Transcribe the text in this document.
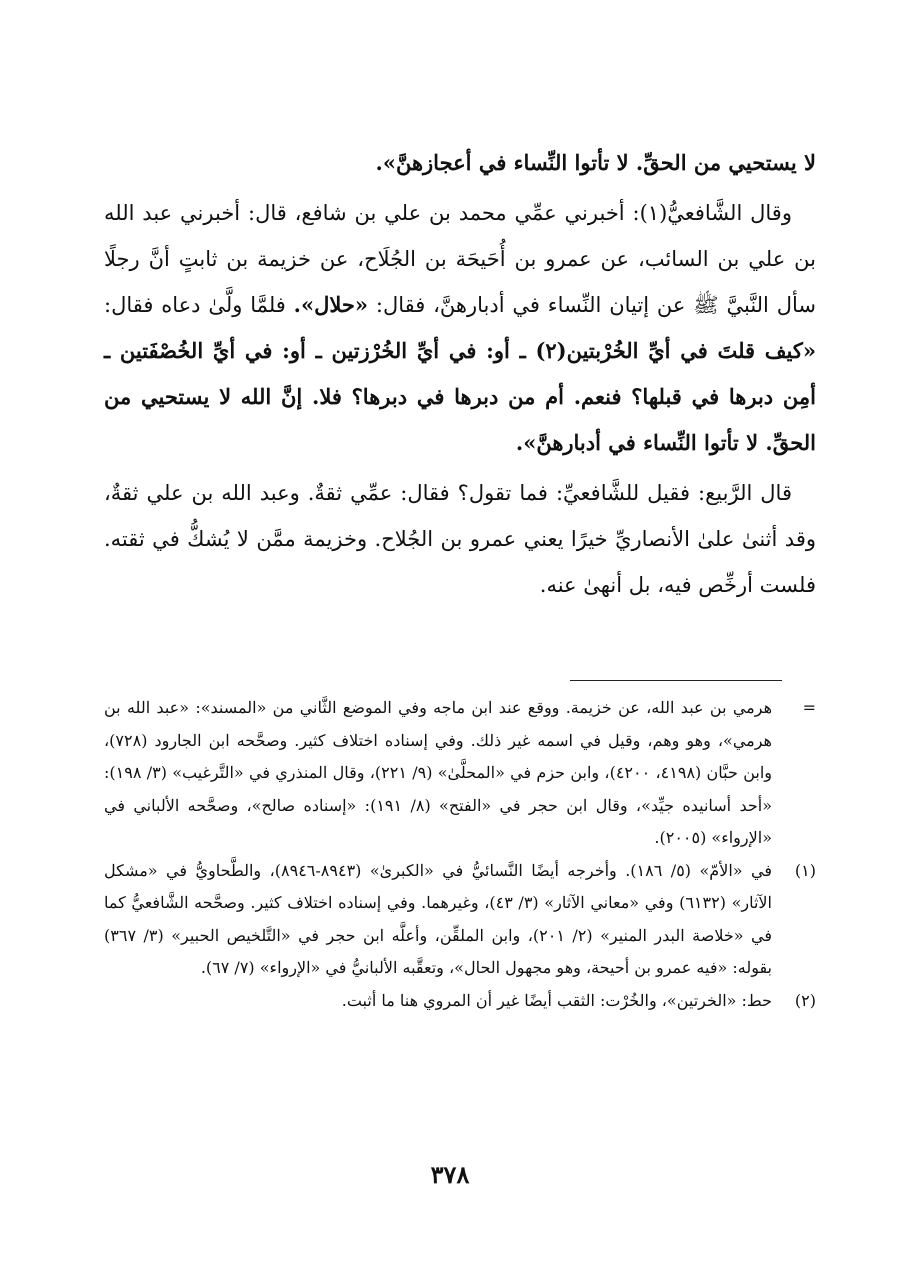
لا يستحيي من الحقِّ. لا تأتوا النِّساء في أعجازهنَّ».

وقال الشَّافعيُّ(١): أخبرني عمِّي محمد بن علي بن شافع، قال: أخبرني عبد الله بن علي بن السائب، عن عمرو بن أُحَيحَة بن الجُلَاح، عن خزيمة بن ثابتٍ أنَّ رجلًا سأل النَّبيَّ ﷺ عن إتيان النِّساء في أدبارهنَّ، فقال: «حلال». فلمَّا ولَّىٰ دعاه فقال: «كيف قلتَ في أيِّ الخُرْبتين(٢) ـ أو: في أيِّ الخُرْزتين ـ أو: في أيِّ الخُصْفَتين ـ أمِن دبرها في قبلها؟ فنعم. أم من دبرها في دبرها؟ فلا. إنَّ الله لا يستحيي من الحقِّ. لا تأتوا النِّساء في أدبارهنَّ».

قال الرَّبيع: فقيل للشَّافعيِّ: فما تقول؟ فقال: عمِّي ثقةٌ. وعبد الله بن علي ثقةٌ، وقد أثنىٰ علىٰ الأنصاريِّ خيرًا يعني عمرو بن الجُلاح. وخزيمة ممَّن لا يُشكُّ في ثقته. فلست أرخِّص فيه، بل أنهىٰ عنه.

=
هرمي بن عبد الله، عن خزيمة. ووقع عند ابن ماجه وفي الموضع الثَّاني من «المسند»: «عبد الله بن هرمي»، وهو وهم، وقيل في اسمه غير ذلك. وفي إسناده اختلاف كثير. وصحَّحه ابن الجارود (٧٢٨)، وابن حبَّان (٤١٩٨، ٤٢٠٠)، وابن حزم في «المحلَّىٰ» (٩/ ٢٢١)، وقال المنذري في «التَّرغيب» (٣/ ١٩٨): «أحد أسانيده جيِّد»، وقال ابن حجر في «الفتح» (٨/ ١٩١): «إسناده صالح»، وصحَّحه الألباني في «الإرواء» (٢٠٠٥).
(١)
في «الأمّ» (٥/ ١٨٦). وأخرجه أيضًا النَّسائيُّ في «الكبرىٰ» (٨٩٤٣-٨٩٤٦)، والطَّحاويُّ في «مشكل الآثار» (٦١٣٢) وفي «معاني الآثار» (٣/ ٤٣)، وغيرهما. وفي إسناده اختلاف كثير. وصحَّحه الشَّافعيُّ كما في «خلاصة البدر المنير» (٢/ ٢٠١)، وابن الملقِّن، وأعلَّه ابن حجر في «التَّلخيص الحبير» (٣/ ٣٦٧) بقوله: «فيه عمرو بن أحيحة، وهو مجهول الحال»، وتعقَّبه الألبانيُّ في «الإرواء» (٧/ ٦٧).
(٢)
حط: «الخرتين»، والخُرْت: الثقب أيضًا غير أن المروي هنا ما أثبت.
٣٧٨
